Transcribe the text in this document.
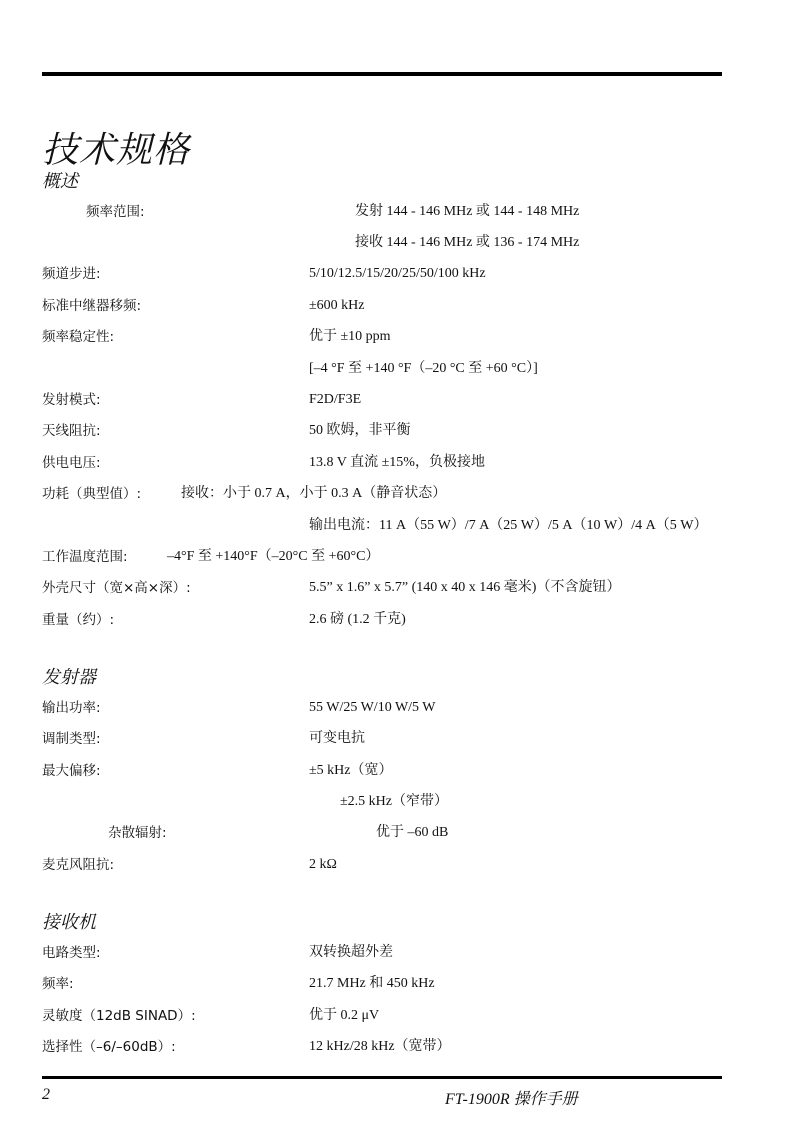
技术规格
概述
频率范围:	发射 144 - 146 MHz 或 144 - 148 MHz
接收 144 - 146 MHz 或 136 - 174 MHz
频道步进:	5/10/12.5/15/20/25/50/100 kHz
标准中继器移频:	±600 kHz
频率稳定性:	优于 ±10 ppm
[–4 °F 至 +140 °F（–20 °C 至 +60 °C）]
发射模式:	F2D/F3E
天线阻抗:	50 欧姆，非平衡
供电电压:	13.8 V 直流 ±15%，负极接地
功耗（典型值）:	接收：小于 0.7 A，小于 0.3 A（静音状态）
输出电流：11 A（55 W）/7 A（25 W）/5 A（10 W）/4 A（5 W）
工作温度范围:	–4°F 至 +140°F（–20°C 至 +60°C）
外壳尺寸（宽×高×深）:	5.5” x 1.6” x 5.7” (140 x 40 x 146 毫米)（不含旋钮）
重量（约）:	2.6 磅 (1.2 千克)
发射器
输出功率:	55 W/25 W/10 W/5 W
调制类型:	可变电抗
最大偏移:	±5 kHz（宽）
±2.5 kHz（窄带）
杂散辐射:	优于 –60 dB
麦克风阻抗:	2 kΩ
接收机
电路类型:	双转换超外差
频率:	21.7 MHz 和 450 kHz
灵敏度（12dB SINAD）:	优于 0.2 μV
选择性（–6/–60dB）:	12 kHz/28 kHz（宽带）
2	FT-1900R 操作手册
